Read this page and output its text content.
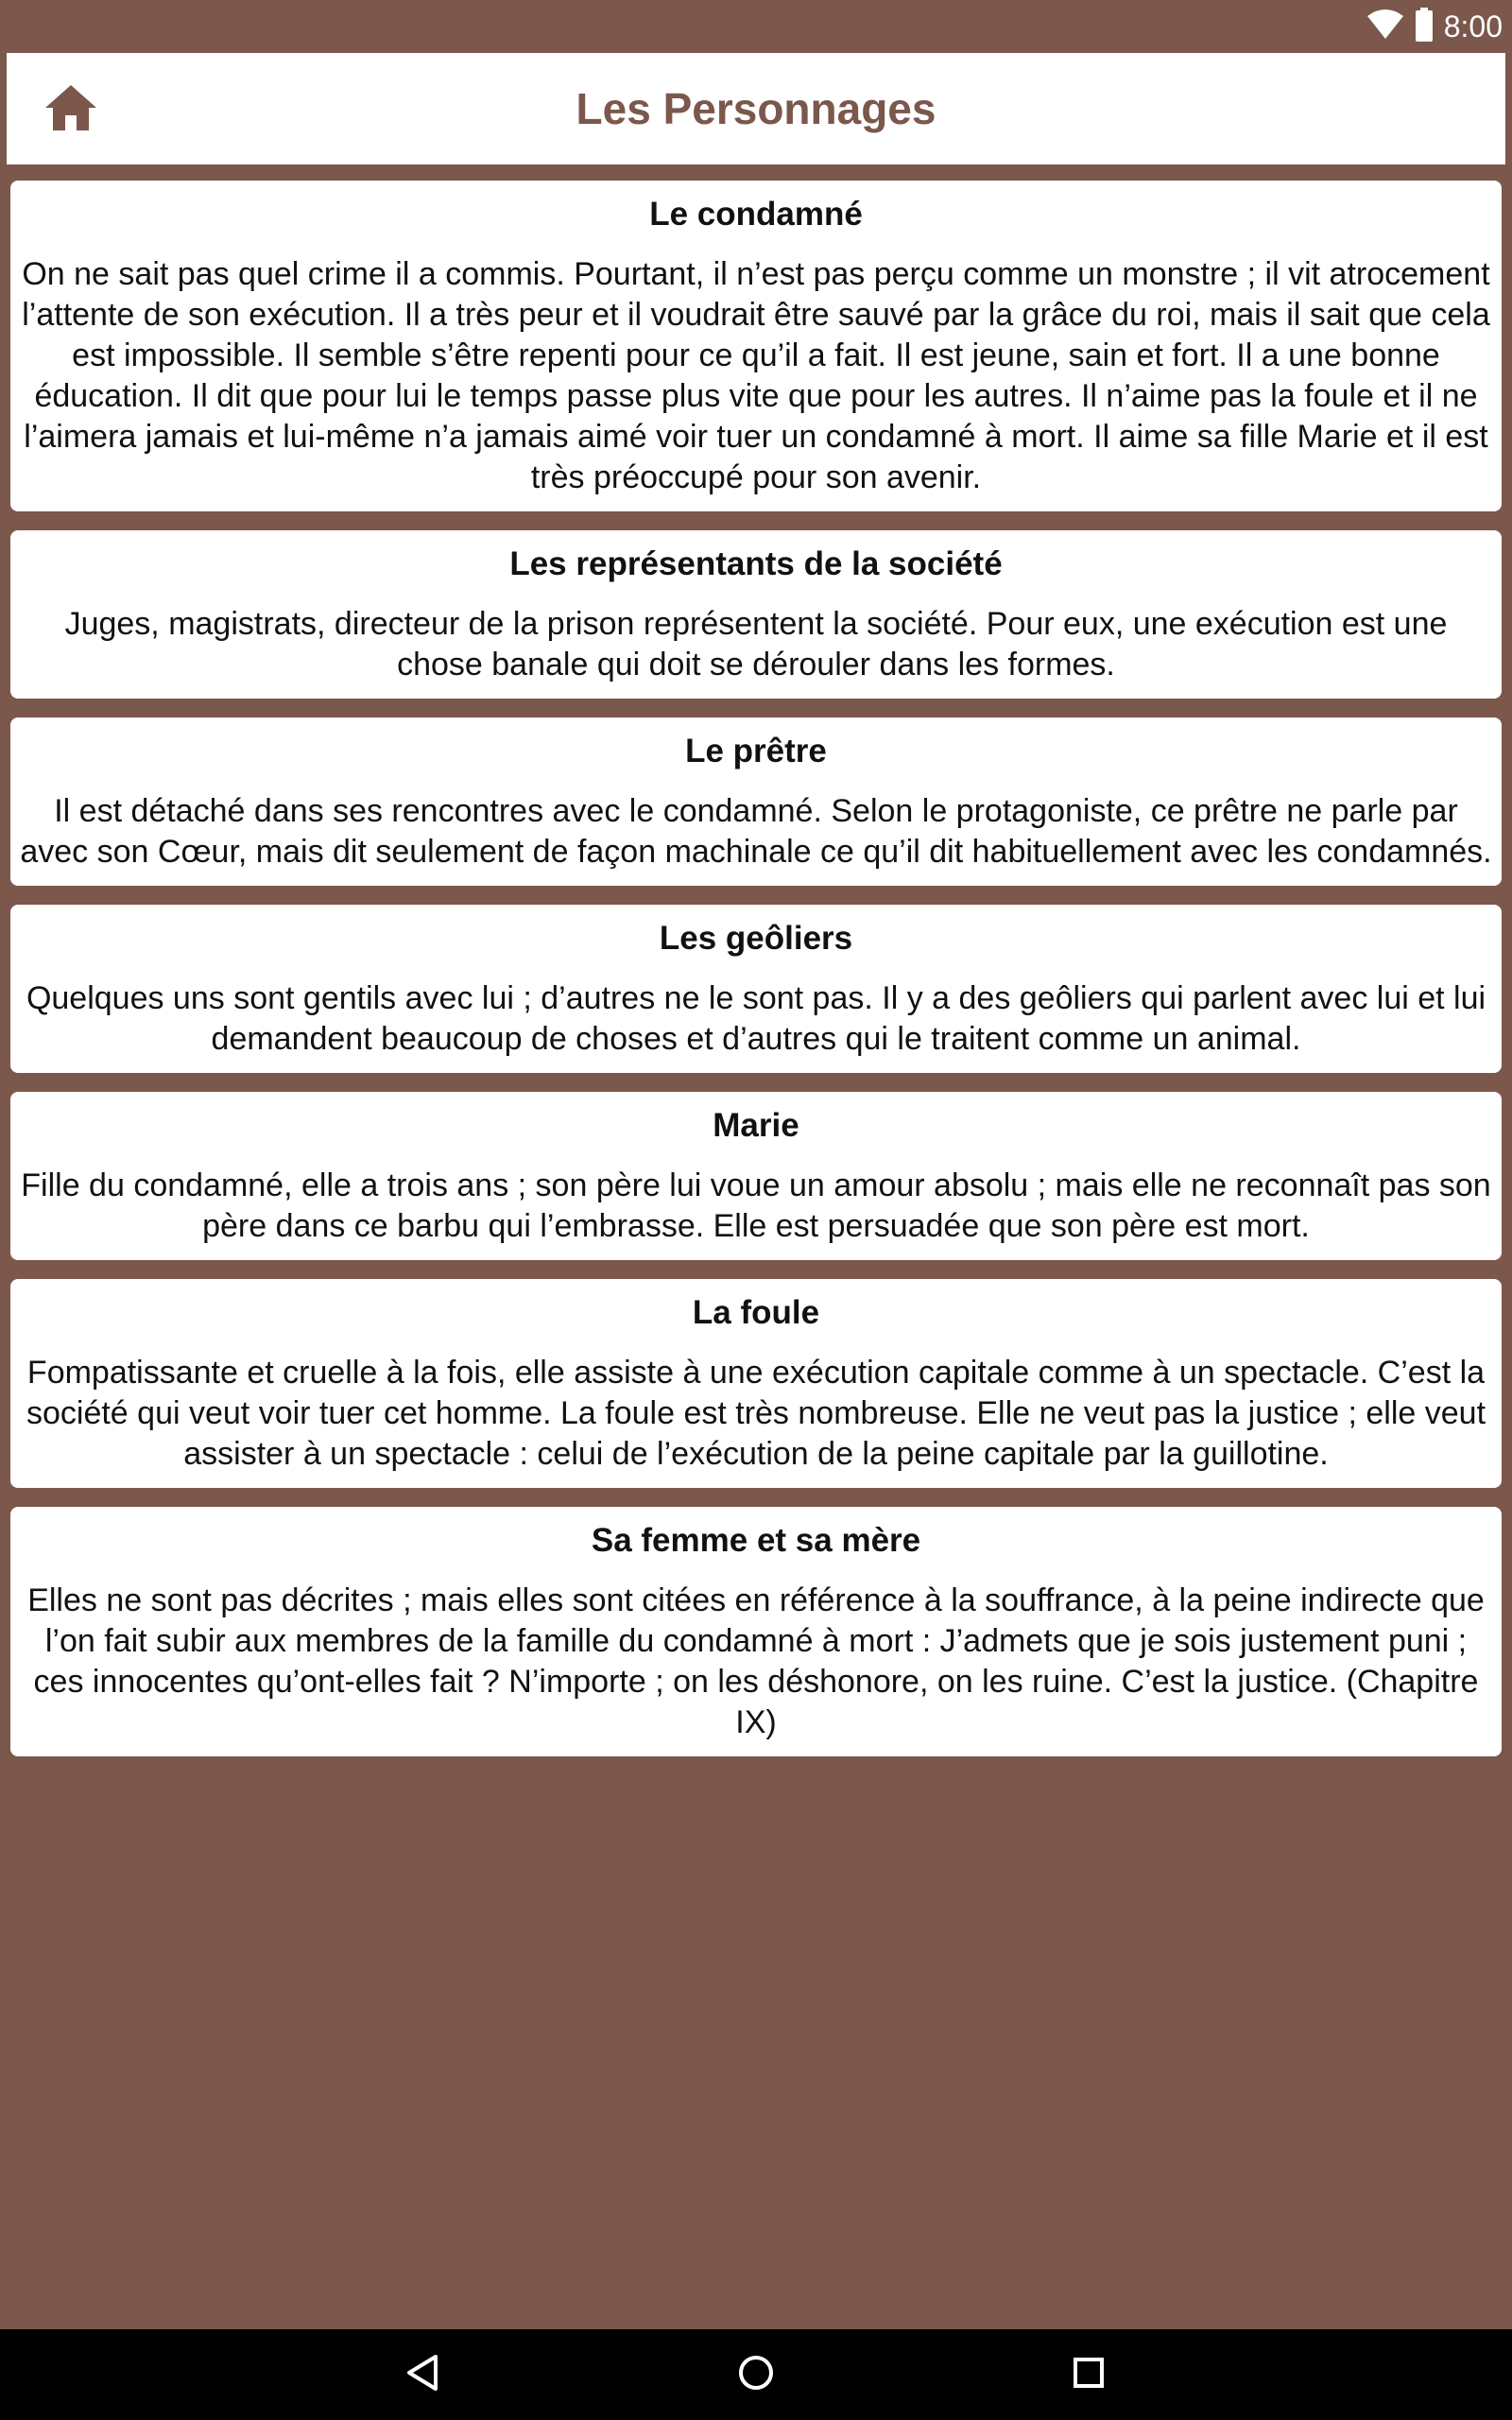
8:00
Les Personnages
Le condamné

On ne sait pas quel crime il a commis. Pourtant, il n’est pas perçu comme un monstre ; il vit atrocement l’attente de son exécution. Il a très peur et il voudrait être sauvé par la grâce du roi, mais il sait que cela est impossible. Il semble s’être repenti pour ce qu’il a fait. Il est jeune, sain et fort. Il a une bonne éducation. Il dit que pour lui le temps passe plus vite que pour les autres. Il n’aime pas la foule et il ne l’aimera jamais et lui-même n’a jamais aimé voir tuer un condamné à mort. Il aime sa fille Marie et il est très préoccupé pour son avenir.

Les représentants de la société

Juges, magistrats, directeur de la prison représentent la société. Pour eux, une exécution est une chose banale qui doit se dérouler dans les formes.

Le prêtre

Il est détaché dans ses rencontres avec le condamné. Selon le protagoniste, ce prêtre ne parle par avec son Cœur, mais dit seulement de façon machinale ce qu’il dit habituellement avec les condamnés.

Les geôliers

Quelques uns sont gentils avec lui ; d’autres ne le sont pas. Il y a des geôliers qui parlent avec lui et lui demandent beaucoup de choses et d’autres qui le traitent comme un animal.

Marie

Fille du condamné, elle a trois ans ; son père lui voue un amour absolu ; mais elle ne reconnaît pas son père dans ce barbu qui l’embrasse. Elle est persuadée que son père est mort.

La foule

Fompatissante et cruelle à la fois, elle assiste à une exécution capitale comme à un spectacle. C’est la société qui veut voir tuer cet homme. La foule est très nombreuse. Elle ne veut pas la justice ; elle veut assister à un spectacle : celui de l’exécution de la peine capitale par la guillotine.

Sa femme et sa mère

Elles ne sont pas décrites ; mais elles sont citées en référence à la souffrance, à la peine indirecte que l’on fait subir aux membres de la famille du condamné à mort : J’admets que je sois justement puni ; ces innocentes qu’ont-elles fait ? N’importe ; on les déshonore, on les ruine. C’est la justice. (Chapitre IX)
